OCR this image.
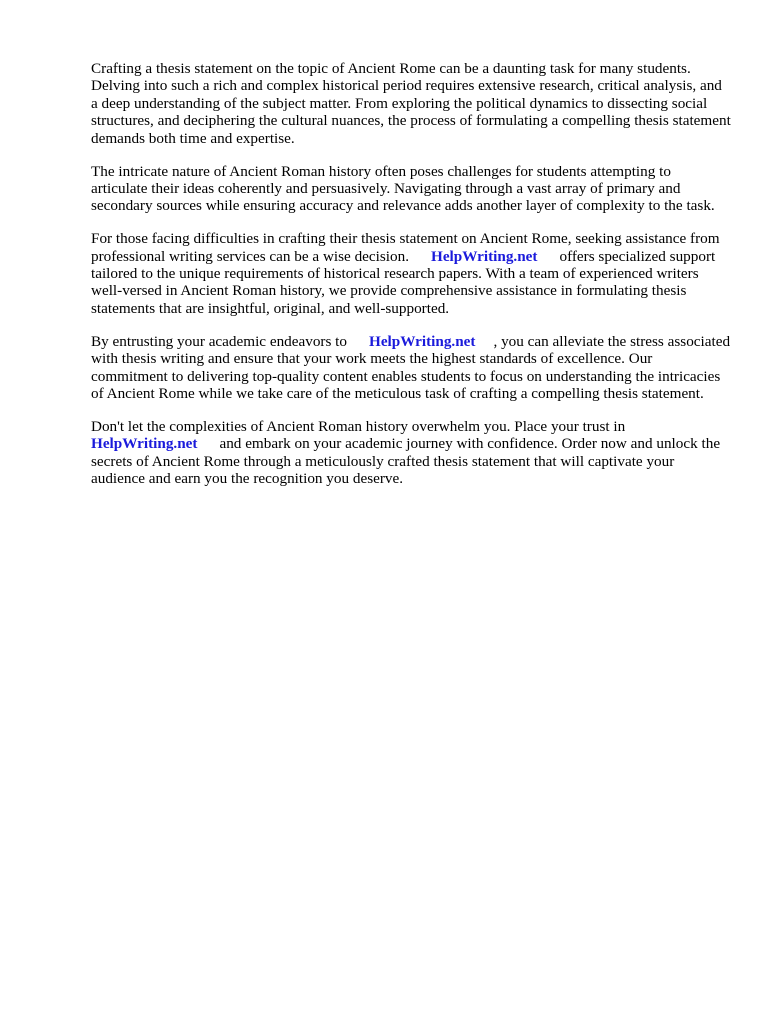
Crafting a thesis statement on the topic of Ancient Rome can be a daunting task for many students. Delving into such a rich and complex historical period requires extensive research, critical analysis, and a deep understanding of the subject matter. From exploring the political dynamics to dissecting social structures, and deciphering the cultural nuances, the process of formulating a compelling thesis statement demands both time and expertise.

The intricate nature of Ancient Roman history often poses challenges for students attempting to articulate their ideas coherently and persuasively. Navigating through a vast array of primary and secondary sources while ensuring accuracy and relevance adds another layer of complexity to the task.

For those facing difficulties in crafting their thesis statement on Ancient Rome, seeking assistance from professional writing services can be a wise decision. HelpWriting.net offers specialized support tailored to the unique requirements of historical research papers. With a team of experienced writers well-versed in Ancient Roman history, we provide comprehensive assistance in formulating thesis statements that are insightful, original, and well-supported.

By entrusting your academic endeavors to HelpWriting.net , you can alleviate the stress associated with thesis writing and ensure that your work meets the highest standards of excellence. Our commitment to delivering top-quality content enables students to focus on understanding the intricacies of Ancient Rome while we take care of the meticulous task of crafting a compelling thesis statement.

Don't let the complexities of Ancient Roman history overwhelm you. Place your trust in HelpWriting.net and embark on your academic journey with confidence. Order now and unlock the secrets of Ancient Rome through a meticulously crafted thesis statement that will captivate your audience and earn you the recognition you deserve.
